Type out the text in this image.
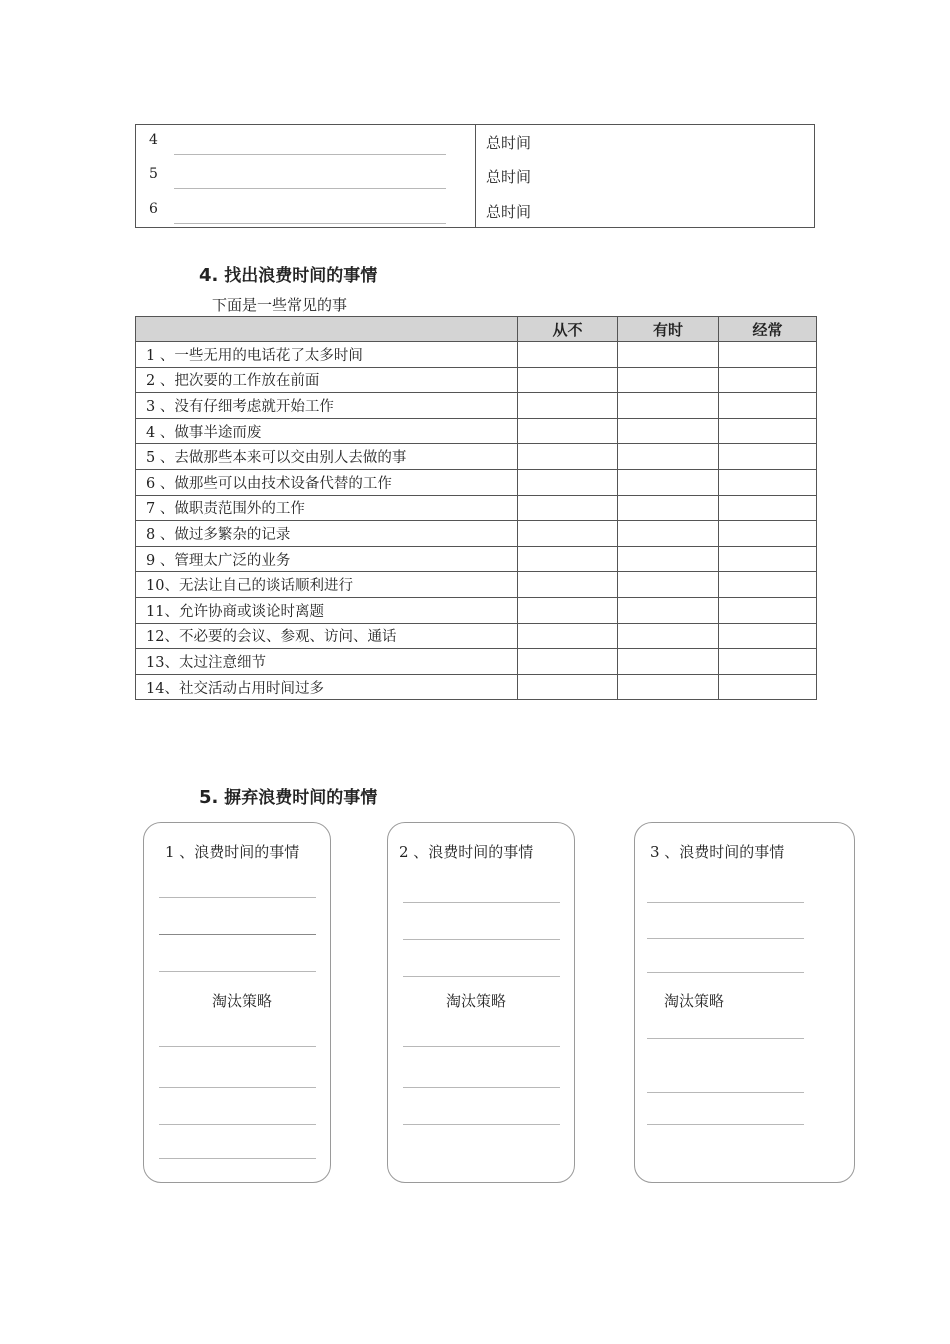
4	总时间
5	总时间
6	总时间
4. 找出浪费时间的事情
下面是一些常见的事
	从不	有时	经常
1 、一些无用的电话花了太多时间			
2 、把次要的工作放在前面			
3 、没有仔细考虑就开始工作			
4 、做事半途而废			
5 、去做那些本来可以交由别人去做的事			
6 、做那些可以由技术设备代替的工作			
7 、做职责范围外的工作			
8 、做过多繁杂的记录			
9 、管理太广泛的业务			
10、无法让自己的谈话顺利进行			
11、允许协商或谈论时离题			
12、不必要的会议、参观、访问、通话			
13、太过注意细节			
14、社交活动占用时间过多			
5. 摒弃浪费时间的事情
1 、浪费时间的事情
淘汰策略
2 、浪费时间的事情
淘汰策略
3 、浪费时间的事情
淘汰策略
